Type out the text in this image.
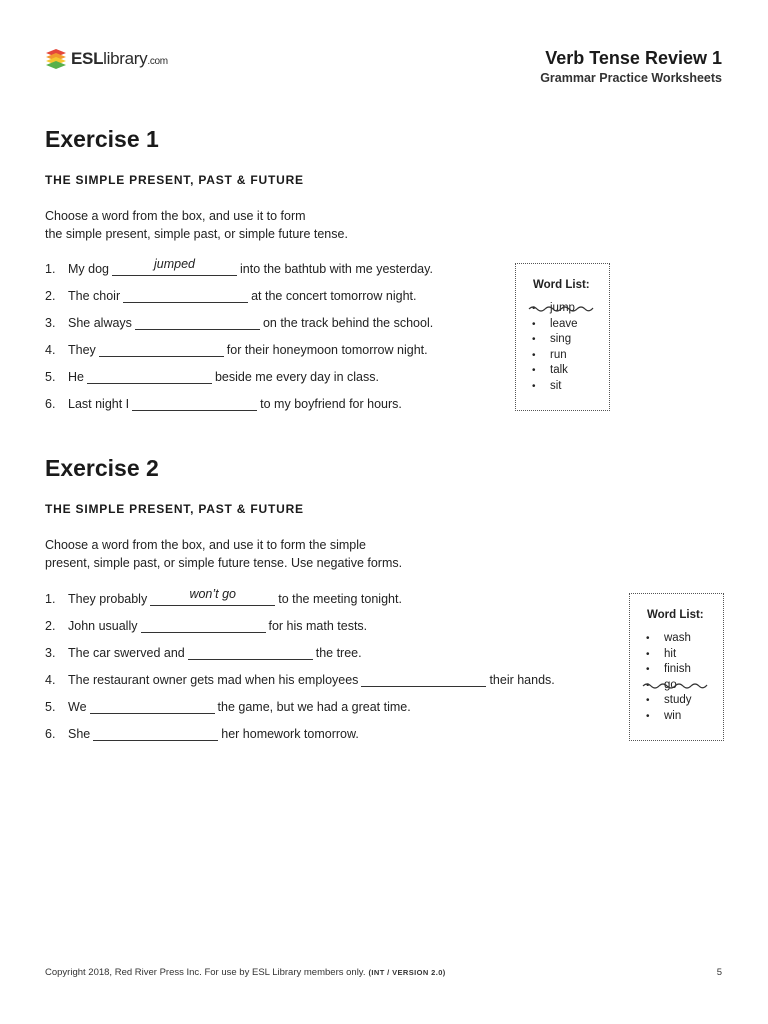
ESLlibrary.com	Verb Tense Review 1
Grammar Practice Worksheets
Exercise 1
THE SIMPLE PRESENT, PAST & FUTURE
Choose a word from the box, and use it to form
the simple present, simple past, or simple future tense.
1.	My dog	jumped	into the bathtub with me yesterday.
2.	The choir	at the concert tomorrow night.
3.	She always	on the track behind the school.
4.	They	for their honeymoon tomorrow night.
5.	He	beside me every day in class.
6.	Last night I	to my boyfriend for hours.
Word List:
• jump
• leave
• sing
• run
• talk
• sit
Exercise 2
THE SIMPLE PRESENT, PAST & FUTURE
Choose a word from the box, and use it to form the simple
present, simple past, or simple future tense. Use negative forms.
1.	They probably	won’t go	to the meeting tonight.
2.	John usually	for his math tests.
3.	The car swerved and	the tree.
4.	The restaurant owner gets mad when his employees	their hands.
5.	We	the game, but we had a great time.
6.	She	her homework tomorrow.
Word List:
• wash
• hit
• finish
• go
• study
• win
Copyright 2018, Red River Press Inc. For use by ESL Library members only. (INT / VERSION 2.0)	5
